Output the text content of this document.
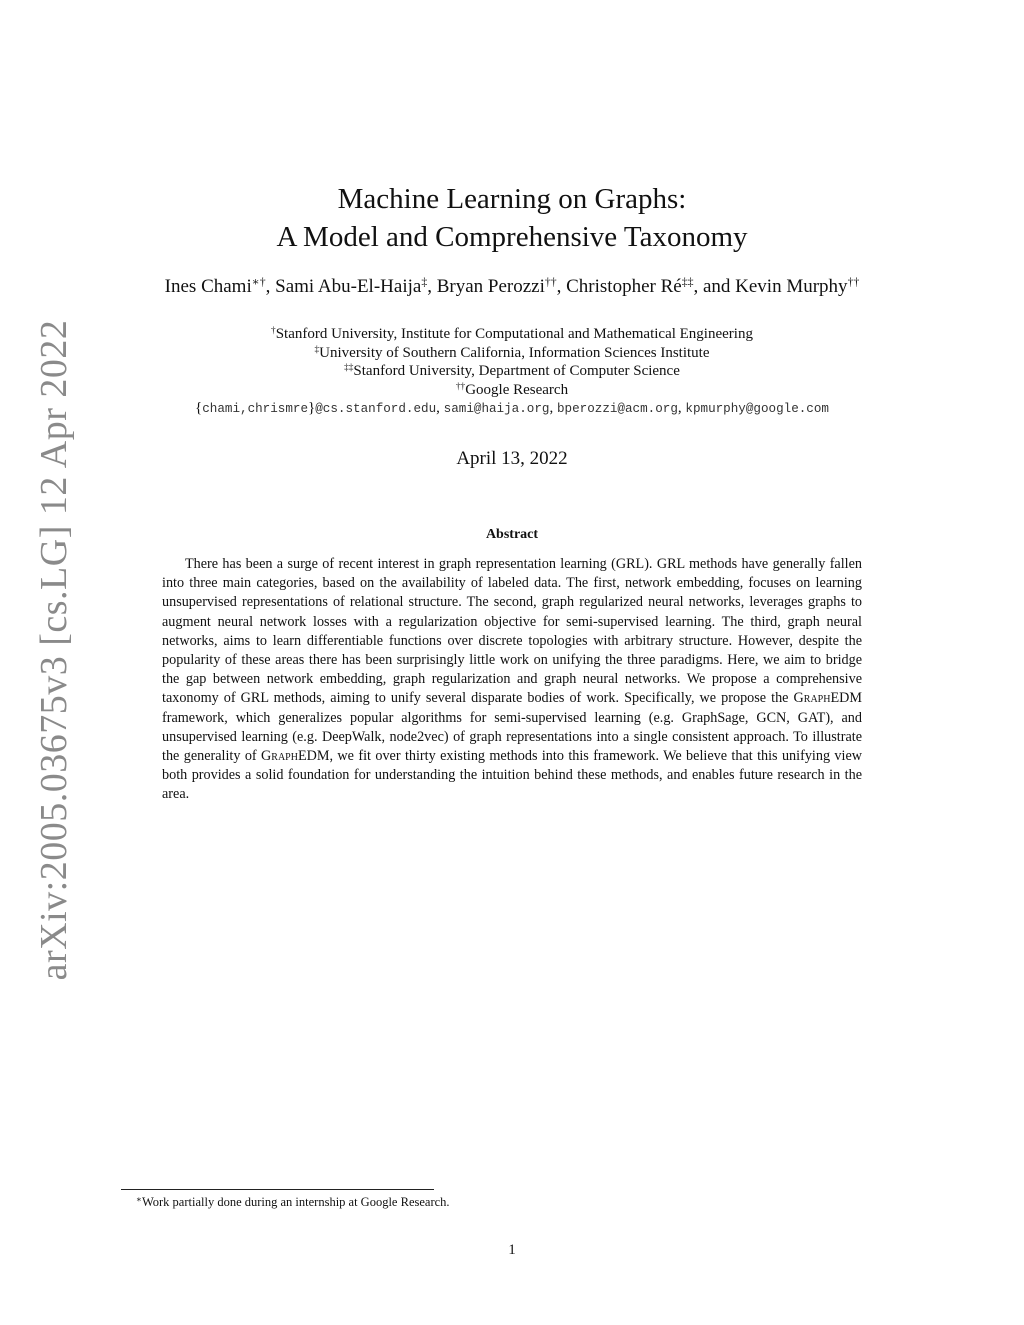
arXiv:2005.03675v3 [cs.LG] 12 Apr 2022
Machine Learning on Graphs:
A Model and Comprehensive Taxonomy
Ines Chami∗†, Sami Abu-El-Haija‡, Bryan Perozzi††, Christopher Ré‡‡, and Kevin Murphy††
†Stanford University, Institute for Computational and Mathematical Engineering
‡University of Southern California, Information Sciences Institute
‡‡Stanford University, Department of Computer Science
††Google Research
{chami,chrismre}@cs.stanford.edu, sami@haija.org, bperozzi@acm.org, kpmurphy@google.com
April 13, 2022
Abstract

There has been a surge of recent interest in graph representation learning (GRL). GRL methods have generally fallen into three main categories, based on the availability of labeled data. The first, network embedding, focuses on learning unsupervised representations of relational structure. The second, graph regularized neural networks, leverages graphs to augment neural network losses with a regularization objective for semi-supervised learning. The third, graph neural networks, aims to learn differentiable functions over discrete topologies with arbitrary structure. However, despite the popularity of these areas there has been surprisingly little work on unifying the three paradigms. Here, we aim to bridge the gap between network embedding, graph regularization and graph neural networks. We propose a comprehensive taxonomy of GRL methods, aiming to unify several disparate bodies of work. Specifically, we propose the GraphEDM framework, which generalizes popular algorithms for semi-supervised learning (e.g. GraphSage, GCN, GAT), and unsupervised learning (e.g. DeepWalk, node2vec) of graph representations into a single consistent approach. To illustrate the generality of GraphEDM, we fit over thirty existing methods into this framework. We believe that this unifying view both provides a solid foundation for understanding the intuition behind these methods, and enables future research in the area.

∗Work partially done during an internship at Google Research.
1
